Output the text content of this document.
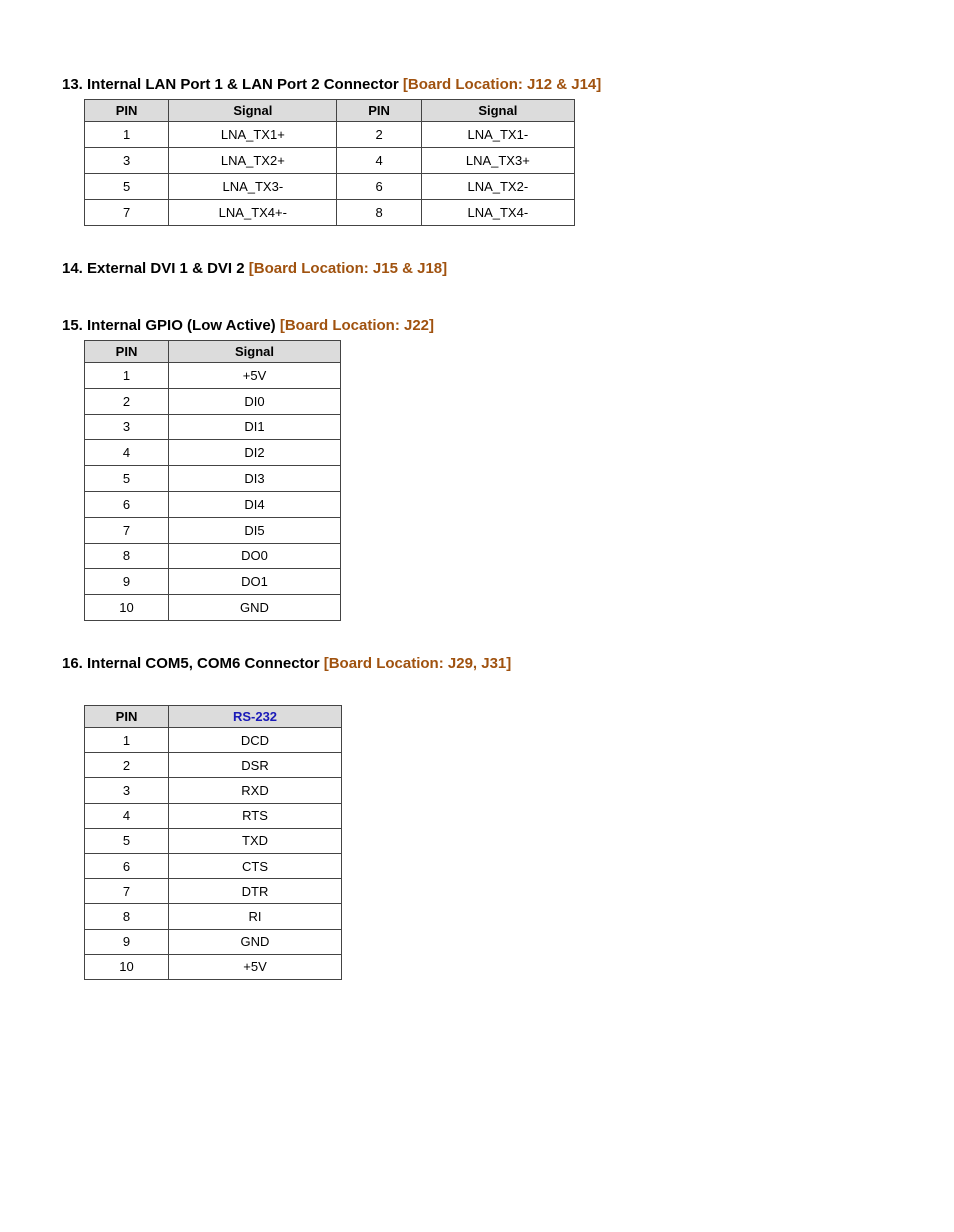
13. Internal LAN Port 1 & LAN Port 2 Connector [Board Location: J12 & J14]
PIN	Signal	PIN	Signal
1	LNA_TX1+	2	LNA_TX1-
3	LNA_TX2+	4	LNA_TX3+
5	LNA_TX3-	6	LNA_TX2-
7	LNA_TX4+-	8	LNA_TX4-
14. External DVI 1 & DVI 2 [Board Location: J15 & J18]
15. Internal GPIO (Low Active) [Board Location: J22]
PIN	Signal
1	+5V
2	DI0
3	DI1
4	DI2
5	DI3
6	DI4
7	DI5
8	DO0
9	DO1
10	GND
16. Internal COM5, COM6 Connector [Board Location: J29, J31]
PIN	RS-232
1	DCD
2	DSR
3	RXD
4	RTS
5	TXD
6	CTS
7	DTR
8	RI
9	GND
10	+5V
